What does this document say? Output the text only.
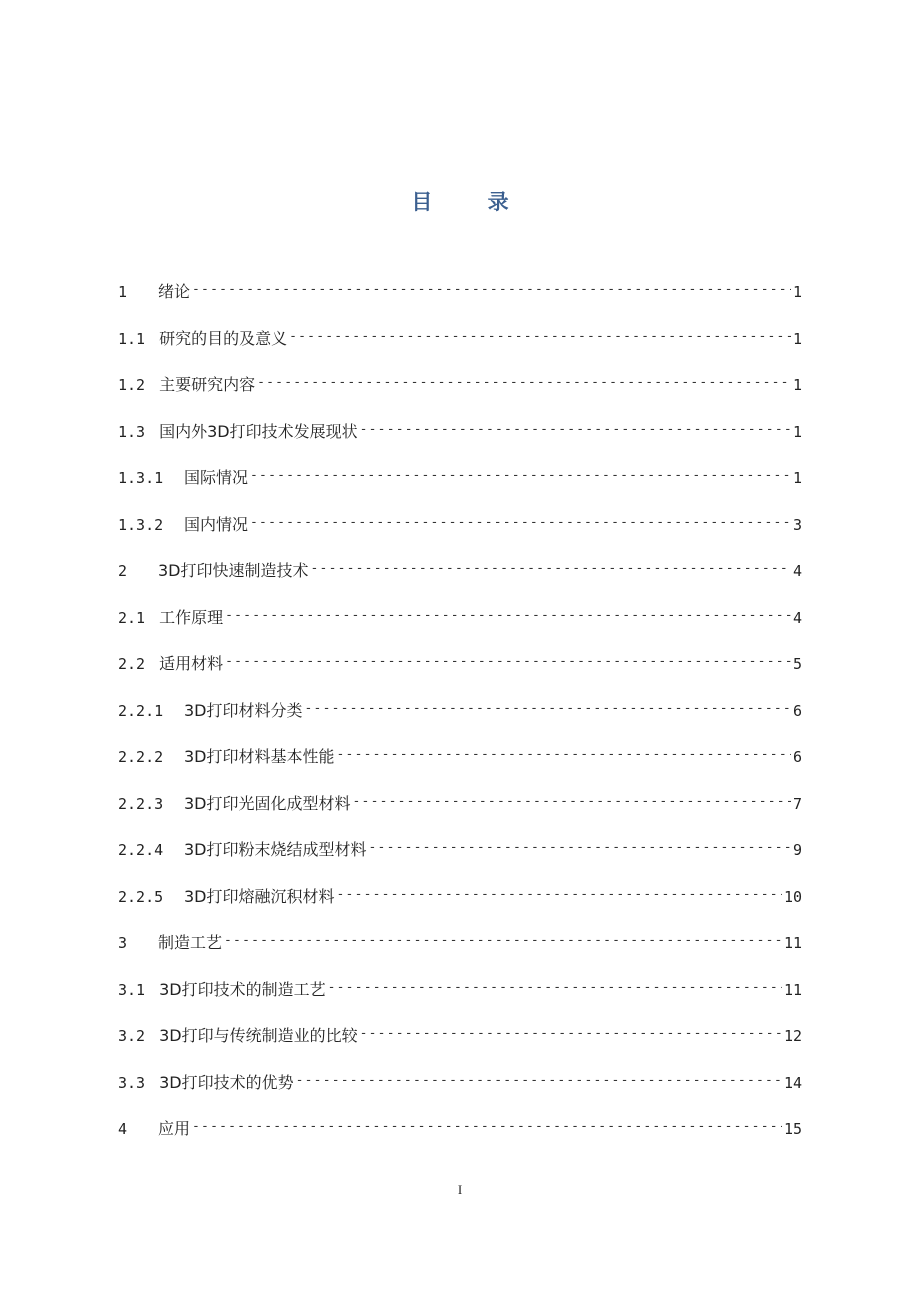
目 录
1	绪论 -----	1
1.1 研究的目的及意义 -----	1
1.2 主要研究内容 -----	1
1.3 国内外3D打印技术发展现状 -----	1
1.3.1	国际情况 -----	1
1.3.2	国内情况 -----	3
2	3D打印快速制造技术 -----	4
2.1 工作原理 -----	4
2.2 适用材料 -----	5
2.2.1	3D打印材料分类 -----	6
2.2.2	3D打印材料基本性能 -----	6
2.2.3	3D打印光固化成型材料 -----	7
2.2.4	3D打印粉末烧结成型材料 -----	9
2.2.5	3D打印熔融沉积材料 -----	10
3	制造工艺 -----	11
3.1 3D打印技术的制造工艺 -----	11
3.2 3D打印与传统制造业的比较 -----	12
3.3 3D打印技术的优势 -----	14
4	应用 -----	15
I
